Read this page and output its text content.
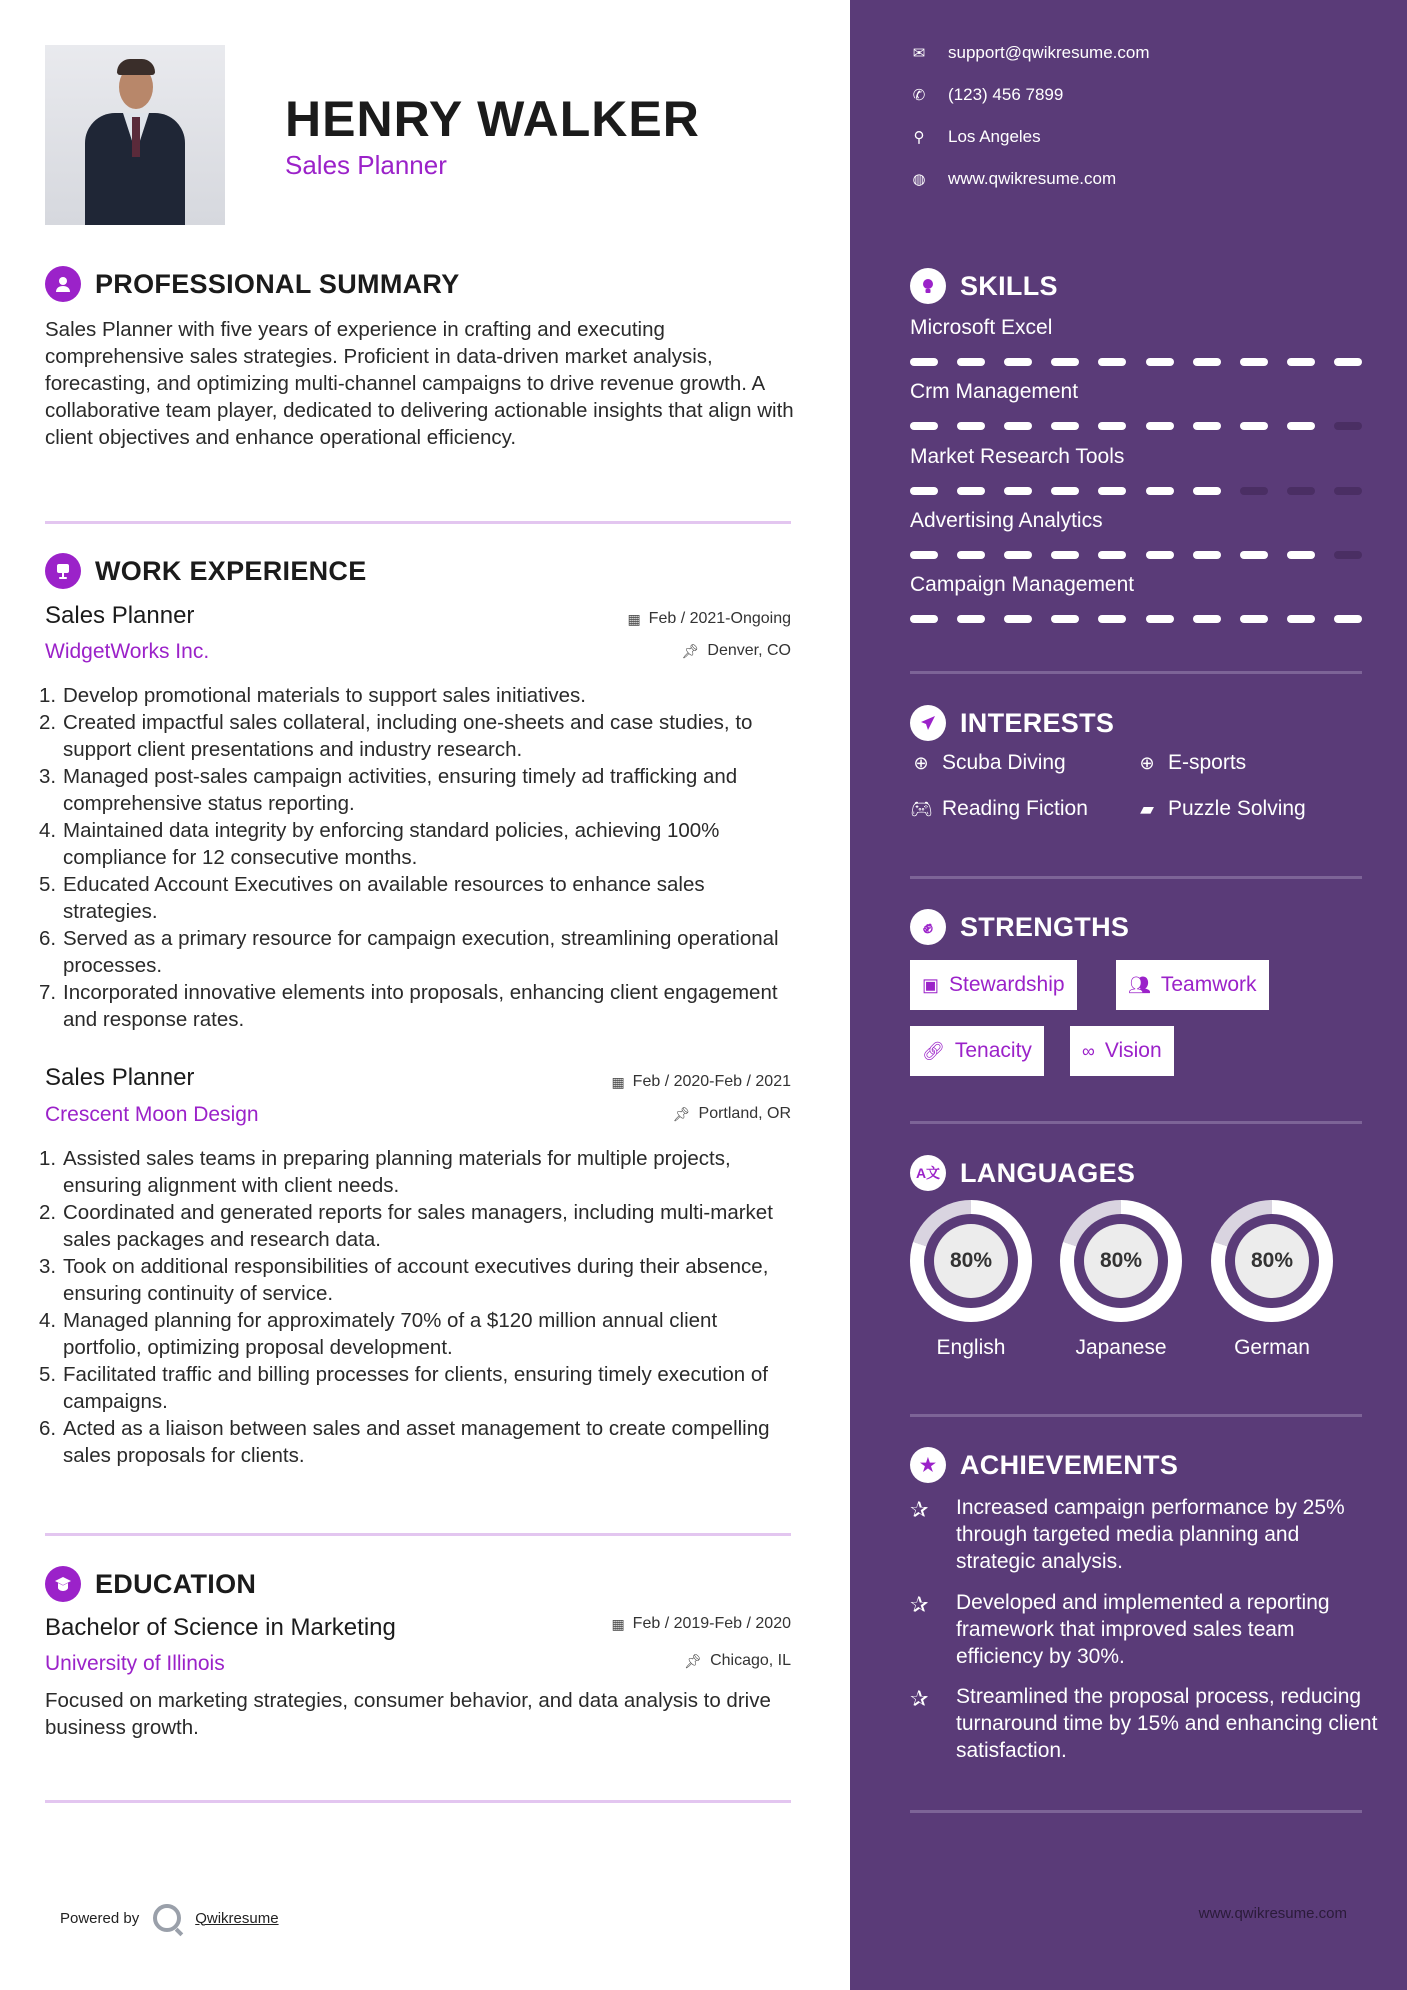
HENRY WALKER
Sales Planner
PROFESSIONAL SUMMARY
Sales Planner with five years of experience in crafting and executing comprehensive sales strategies. Proficient in data-driven market analysis, forecasting, and optimizing multi-channel campaigns to drive revenue growth. A collaborative team player, dedicated to delivering actionable insights that align with client objectives and enhance operational efficiency.
WORK EXPERIENCE
Sales Planner	▦ Feb / 2021-Ongoing
WidgetWorks Inc.	📌︎ Denver, CO
1. Develop promotional materials to support sales initiatives.
2. Created impactful sales collateral, including one-sheets and case studies, to support client presentations and industry research.
3. Managed post-sales campaign activities, ensuring timely ad trafficking and comprehensive status reporting.
4. Maintained data integrity by enforcing standard policies, achieving 100% compliance for 12 consecutive months.
5. Educated Account Executives on available resources to enhance sales strategies.
6. Served as a primary resource for campaign execution, streamlining operational processes.
7. Incorporated innovative elements into proposals, enhancing client engagement and response rates.
Sales Planner	▦ Feb / 2020-Feb / 2021
Crescent Moon Design	📌︎ Portland, OR
1. Assisted sales teams in preparing planning materials for multiple projects, ensuring alignment with client needs.
2. Coordinated and generated reports for sales managers, including multi-market sales packages and research data.
3. Took on additional responsibilities of account executives during their absence, ensuring continuity of service.
4. Managed planning for approximately 70% of a $120 million annual client portfolio, optimizing proposal development.
5. Facilitated traffic and billing processes for clients, ensuring timely execution of campaigns.
6. Acted as a liaison between sales and asset management to create compelling sales proposals for clients.
EDUCATION
Bachelor of Science in Marketing	▦ Feb / 2019-Feb / 2020
University of Illinois	📌︎ Chicago, IL
Focused on marketing strategies, consumer behavior, and data analysis to drive business growth.
Powered by	Qwikresume
✉ support@qwikresume.com
✆ (123) 456 7899
⚲ Los Angeles
◍ www.qwikresume.com
SKILLS
Microsoft Excel
Crm Management
Market Research Tools
Advertising Analytics
Campaign Management
INTERESTS
⊕ Scuba Diving	⊕ E-sports
🎮︎ Reading Fiction	▰ Puzzle Solving
✊︎	STRENGTHS
▣ Stewardship	👥︎ Teamwork
🔗︎ Tenacity	∞ Vision
A文 LANGUAGES
80%
English
80%
Japanese
80%
German
★ ACHIEVEMENTS
✰	Increased campaign performance by 25% through targeted media planning and strategic analysis.
✰	Developed and implemented a reporting framework that improved sales team efficiency by 30%.
✰	Streamlined the proposal process, reducing turnaround time by 15% and enhancing client satisfaction.
www.qwikresume.com
